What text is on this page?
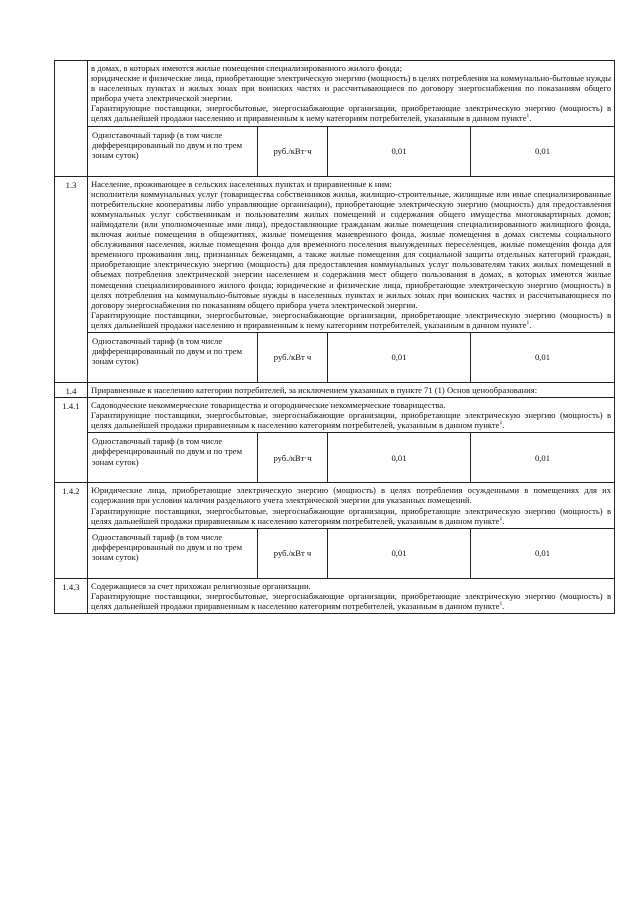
	в домах, в которых имеются жилые помещения специализированного жилого фонда;

юридические и физические лица, приобретающие электрическую энергию (мощность) в целях потребления на коммунально-бытовые нужды в населенных пунктах и жилых зонах при воинских частях и рассчитывающиеся по договору энергоснабжения по показаниям общего прибора учета электрической энергии.

Гарантирующие поставщики, энергосбытовые, энергоснабжающие организации, приобретающие электрическую энергию (мощность) в целях дальнейшей продажи населению и приравненным к нему категориям потребителей, указанным в данном пункте$^1$.			

	Одноставочный тариф (в том числе дифференцированный по двум и по трем зонам суток)	руб./кВт·ч	0,01	0,01
1.3	Население, проживающее в сельских населенных пунктах и приравненные к ним:

исполнители коммунальных услуг (товарищества собственников жилья, жилищно-строительные, жилищные или иные специализированные потребительские кооперативы либо управляющие организации), приобретающие электрическую энергию (мощность) для предоставления коммунальных услуг собственникам и пользователям жилых помещений и содержания общего имущества многоквартирных домов; наймодатели (или уполномоченные ими лица), предоставляющие гражданам жилые помещения специализированного жилищного фонда, включая жилые помещения в общежитиях, жилые помещения маневренного фонда, жилые помещения в домах системы социального обслуживания населения, жилые помещения фонда для временного поселения вынужденных переселенцев, жилые помещения фонда для временного проживания лиц, признанных беженцами, а также жилые помещения для социальной защиты отдельных категорий граждан, приобретающие электрическую энергию (мощность) для предоставления коммунальных услуг пользователям таких жилых помещений в объемах потребления электрической энергии населением и содержания мест общего пользования в домах, в которых имеются жилые помещения специализированного жилого фонда; юридические и физические лица, приобретающие электрическую энергию (мощность) в целях потребления на коммунально-бытовые нужды в населенных пунктах и жилых зонах при воинских частях и рассчитывающиеся по договору энергоснабжения по показаниям общего прибора учета электрической энергии.

Гарантирующие поставщики, энергосбытовые, энергоснабжающие организации, приобретающие электрическую энергию (мощность) в целях дальнейшей продажи населению и приравненным к нему категориям потребителей, указанным в данном пункте$^1$.			

	Одноставочный тариф (в том числе дифференцированный по двум и по трем зонам суток)	руб./кВт ч	0,01	0,01
1.4	Приравненные к населению категории потребителей, за исключением указанных в пункте 71 (1) Основ ценообразования:			

1.4.1	Садоводческие некоммерческие товарищества и огороднические некоммерческие товарищества.

Гарантирующие поставщики, энергосбытовые, энергоснабжающие организации, приобретающие электрическую энергию (мощность) в целях дальнейшей продажи приравненным к населению категориям потребителей, указанным в данном пункте$^1$.			

	Одноставочный тариф (в том числе дифференцированный по двум и по трем зонам суток)	руб./кВт·ч	0,01	0,01
1.4.2	Юридические лица, приобретающие электрическую энергию (мощность) в целях потребления осужденными в помещениях для их содержания при условии наличия раздельного учета электрической энергии для указанных помещений.

Гарантирующие поставщики, энергосбытовые, энергоснабжающие организации, приобретающие электрическую энергию (мощность) в целях дальнейшей продажи приравненным к населению категориям потребителей, указанным в данном пункте$^1$.			

	Одноставочный тариф (в том числе дифференцированный по двум и по трем зонам суток)	руб./кВт ч	0,01	0,01
1.4.3	Содержащиеся за счет прихожан религиозные организации.

Гарантирующие поставщики, энергосбытовые, энергоснабжающие организации, приобретающие электрическую энергию (мощность) в целях дальнейшей продажи приравненным к населению категориям потребителей, указанным в данном пункте$^1$.			
